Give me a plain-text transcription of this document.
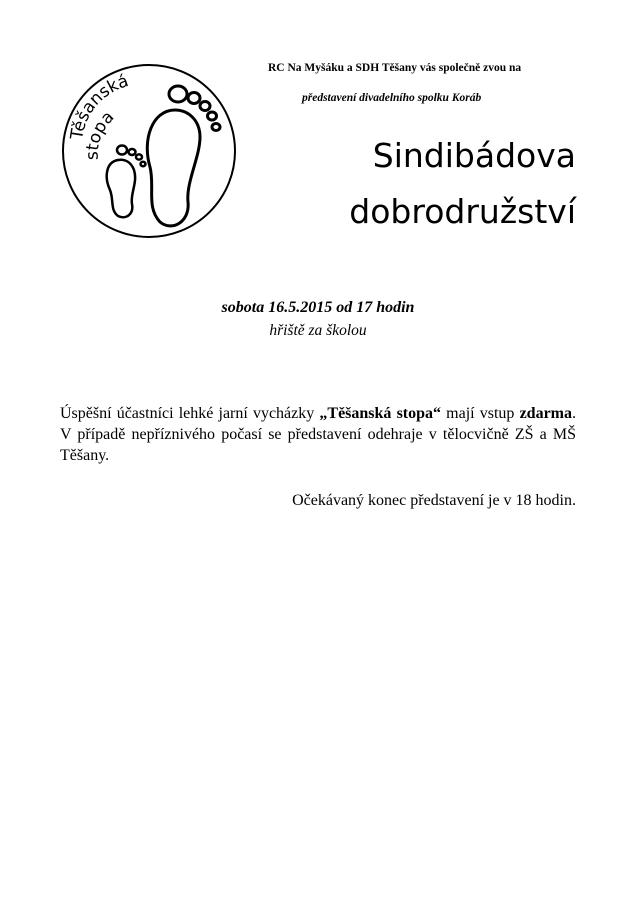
Těšanská
stopa
RC Na Myšáku a SDH Těšany vás společně zvou na
představení divadelního spolku Koráb
Sindibádova
dobrodružství
sobota 16.5.2015 od 17 hodin
hřiště za školou
Úspěšní účastníci lehké jarní vycházky „Těšanská stopa“ mají vstup zdarma. V případě nepříznivého počasí se představení odehraje v tělocvičně ZŠ a MŠ Těšany.
Očekávaný konec představení je v 18 hodin.
